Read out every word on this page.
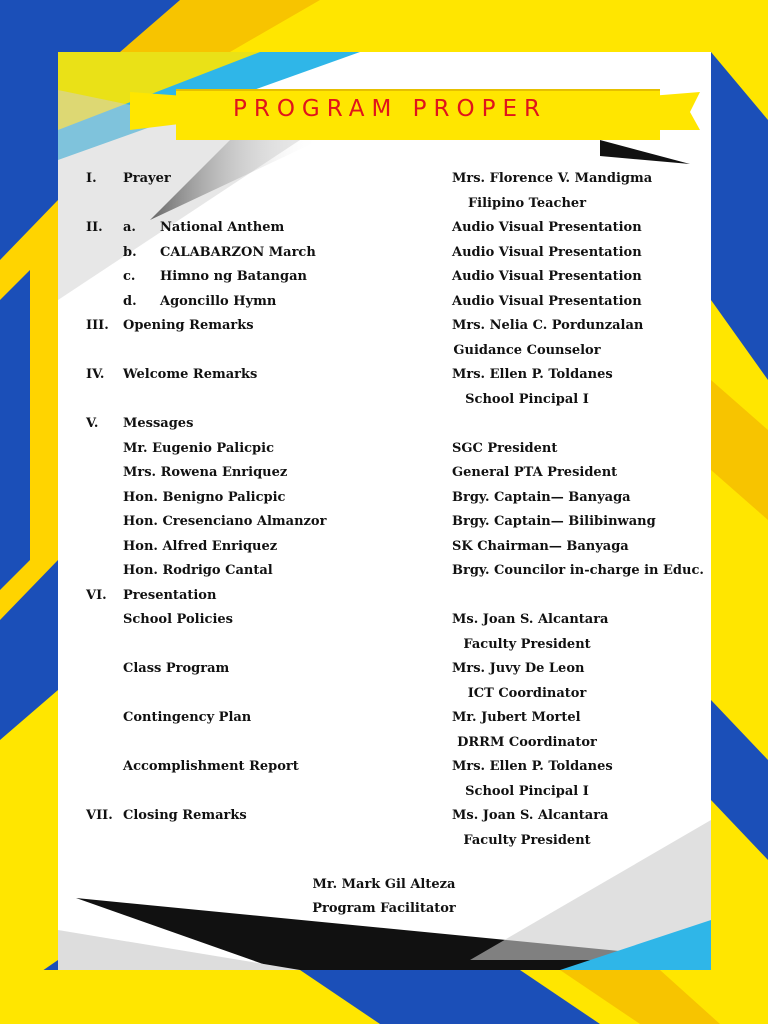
PROGRAM PROPER
I. Prayer	Mrs. Florence V. Mandigma
Filipino Teacher
II. a. National Anthem	Audio Visual Presentation
b. CALABARZON March	Audio Visual Presentation
c. Himno ng Batangan	Audio Visual Presentation
d. Agoncillo Hymn	Audio Visual Presentation
III. Opening Remarks	Mrs. Nelia C. Pordunzalan
Guidance Counselor
IV. Welcome Remarks	Mrs. Ellen P. Toldanes
School Pincipal I
V. Messages
Mr. Eugenio Palicpic	SGC President
Mrs. Rowena Enriquez	General PTA President
Hon. Benigno Palicpic	Brgy. Captain— Banyaga
Hon. Cresenciano Almanzor	Brgy. Captain— Bilibinwang
Hon. Alfred Enriquez	SK Chairman— Banyaga
Hon. Rodrigo Cantal	Brgy. Councilor in-charge in Educ.
VI. Presentation
School Policies	Ms. Joan S. Alcantara
Faculty President
Class Program	Mrs. Juvy De Leon
ICT Coordinator
Contingency Plan	Mr. Jubert Mortel
DRRM Coordinator
Accomplishment Report	Mrs. Ellen P. Toldanes
School Pincipal I
VII. Closing Remarks	Ms. Joan S. Alcantara
Faculty President
Mr. Mark Gil Alteza
Program Facilitator
